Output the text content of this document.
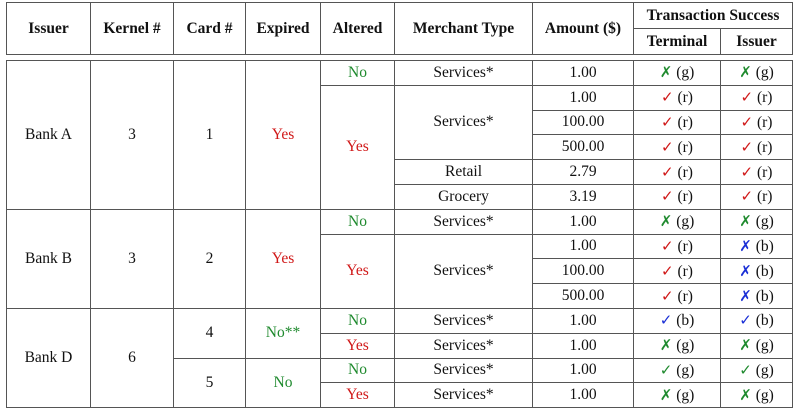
Issuer	Kernel #	Card #	Expired	Altered	Merchant Type	Amount ($)	Transaction Success	
							Terminal	Issuer

Bank A	3	1	Yes	No	Services*	1.00	✗ (g)	✗ (g)
				Yes	Services*	1.00	✓ (r)	✓ (r)
						100.00	✓ (r)	✓ (r)
						500.00	✓ (r)	✓ (r)
					Retail	2.79	✓ (r)	✓ (r)
					Grocery	3.19	✓ (r)	✓ (r)
Bank B	3	2	Yes	No	Services*	1.00	✗ (g)	✗ (g)
				Yes	Services*	1.00	✓ (r)	✗ (b)
						100.00	✓ (r)	✗ (b)
						500.00	✓ (r)	✗ (b)
Bank D	6	4	No**	No	Services*	1.00	✓ (b)	✓ (b)
				Yes	Services*	1.00	✗ (g)	✗ (g)
		5	No	No	Services*	1.00	✓ (g)	✓ (g)
				Yes	Services*	1.00	✗ (g)	✗ (g)
